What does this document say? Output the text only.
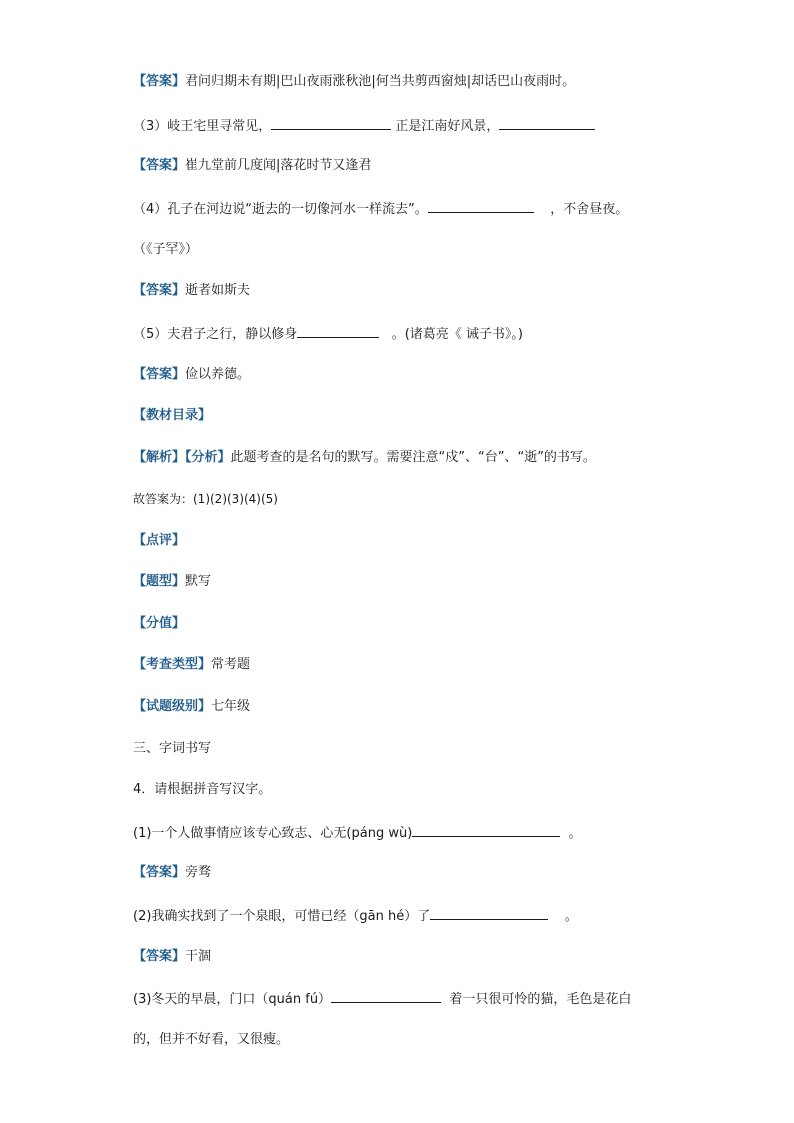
【答案】君问归期未有期|巴山夜雨涨秋池|何当共剪西窗烛|却话巴山夜雨时。
（3）岐王宅里寻常见，	正是江南好风景，
【答案】崔九堂前几度闻|落花时节又逢君
（4）孔子在河边说“逝去的一切像河水一样流去”。	，不舍昼夜。
（《子罕》）
【答案】逝者如斯夫
（5）夫君子之行，静以修身	。(诸葛亮《 诫子书》。)
【答案】俭以养德。
【教材目录】
【解析】【分析】此题考查的是名句的默写。需要注意“戍”、“台”、“逝”的书写。
故答案为：(1)(2)(3)(4)(5)
【点评】
【题型】默写
【分值】
【考查类型】常考题
【试题级别】七年级
三、字词书写
4．请根据拼音写汉字。
(1)一个人做事情应该专心致志、心无(páng wù)	。
【答案】旁骛
(2)我确实找到了一个泉眼，可惜已经（gān hé）了	。
【答案】干涸
(3)冬天的早晨，门口（quán fú）	着一只很可怜的猫，毛色是花白
的，但并不好看，又很瘦。
